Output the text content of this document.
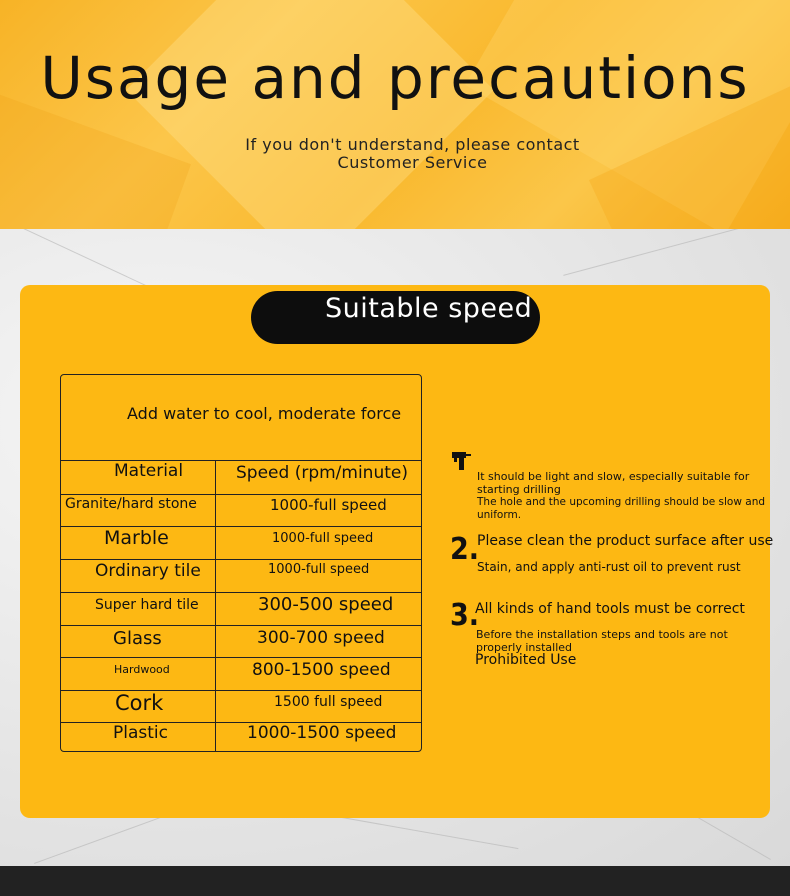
Usage and precautions
If you don't understand, please contact
Customer Service
Suitable speed
Add water to cool, moderate force
Material	Speed (rpm/minute)
Granite/hard stone	1000-full speed
Marble	1000-full speed
Ordinary tile	1000-full speed
Super hard tile	300-500 speed
Glass	300-700 speed
Hardwood	800-1500 speed
Cork	1500 full speed
Plastic	1000-1500 speed
It should be light and slow, especially suitable for
starting drilling
The hole and the upcoming drilling should be slow and
uniform.
2.
Please clean the product surface after use
Stain, and apply anti-rust oil to prevent rust
3.
All kinds of hand tools must be correct
Before the installation steps and tools are not
properly installed
Prohibited Use
